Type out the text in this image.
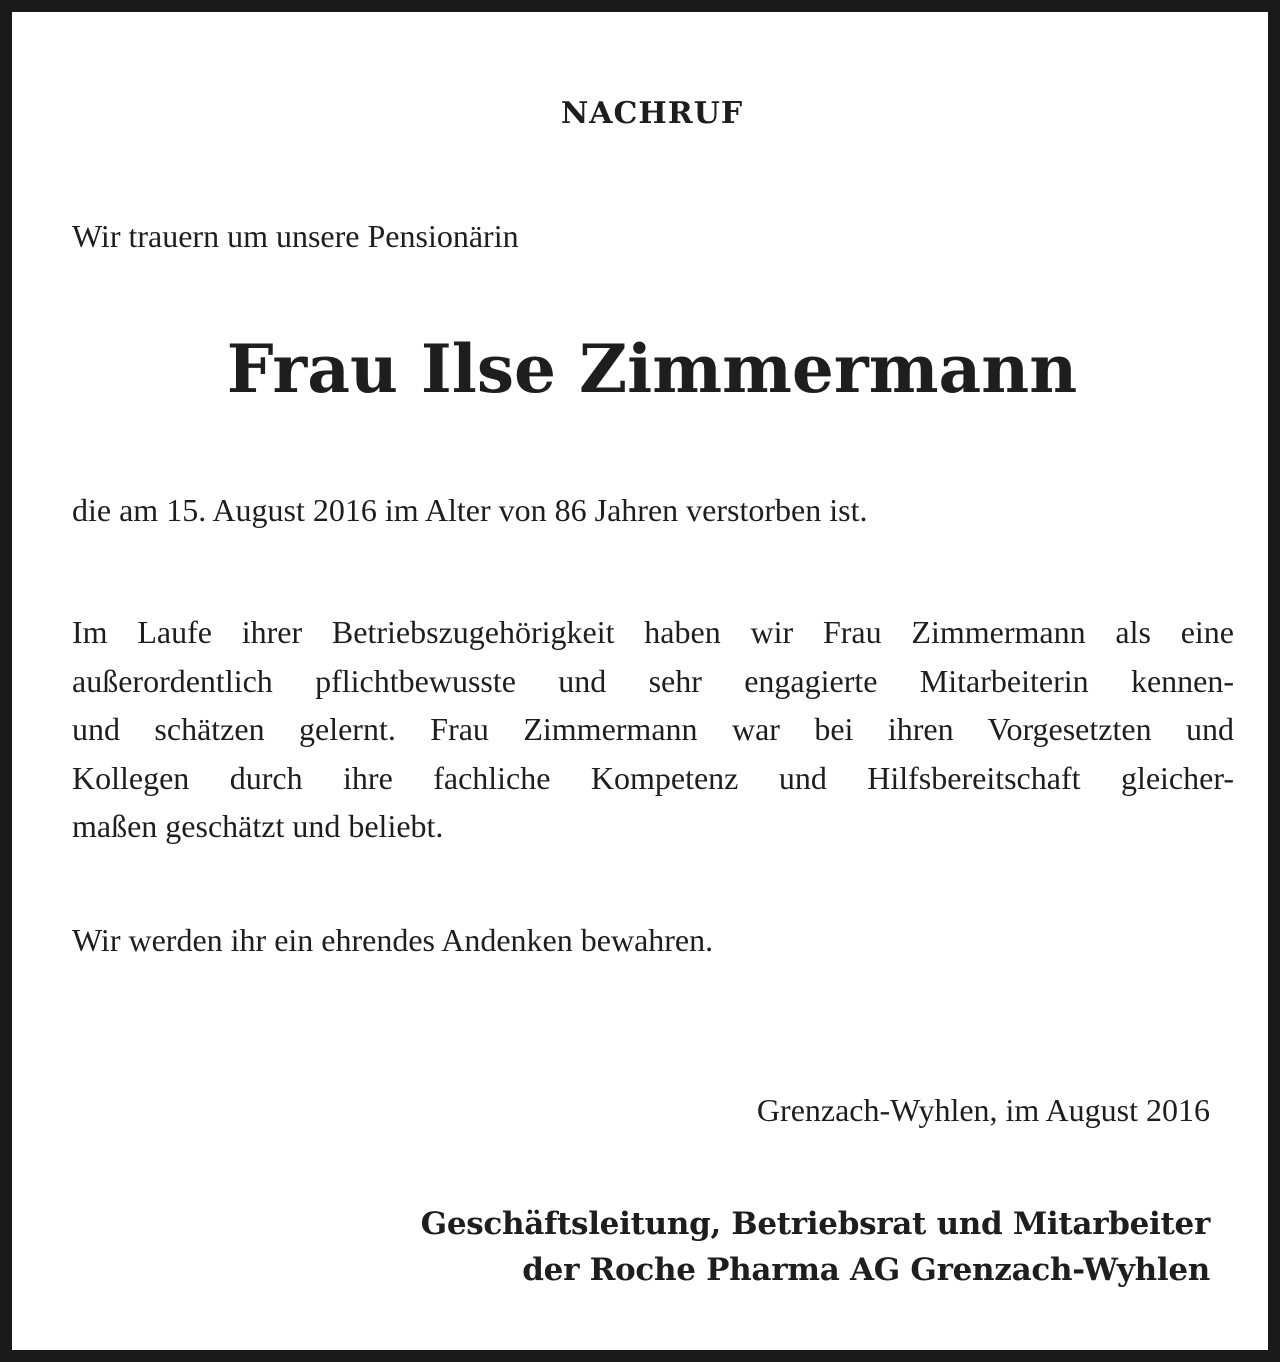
NACHRUF
Wir trauern um unsere Pensionärin
Frau Ilse Zimmermann
die am 15. August 2016 im Alter von 86 Jahren verstorben ist.
Im Laufe ihrer Betriebszugehörigkeit haben wir Frau Zimmermann als eine
außerordentlich pflichtbewusste und sehr engagierte Mitarbeiterin kennen-
und schätzen gelernt. Frau Zimmermann war bei ihren Vorgesetzten und
Kollegen durch ihre fachliche Kompetenz und Hilfsbereitschaft gleicher-
maßen geschätzt und beliebt.
Wir werden ihr ein ehrendes Andenken bewahren.
Grenzach-Wyhlen, im August 2016
Geschäftsleitung, Betriebsrat und Mitarbeiter
der Roche Pharma AG Grenzach-Wyhlen
